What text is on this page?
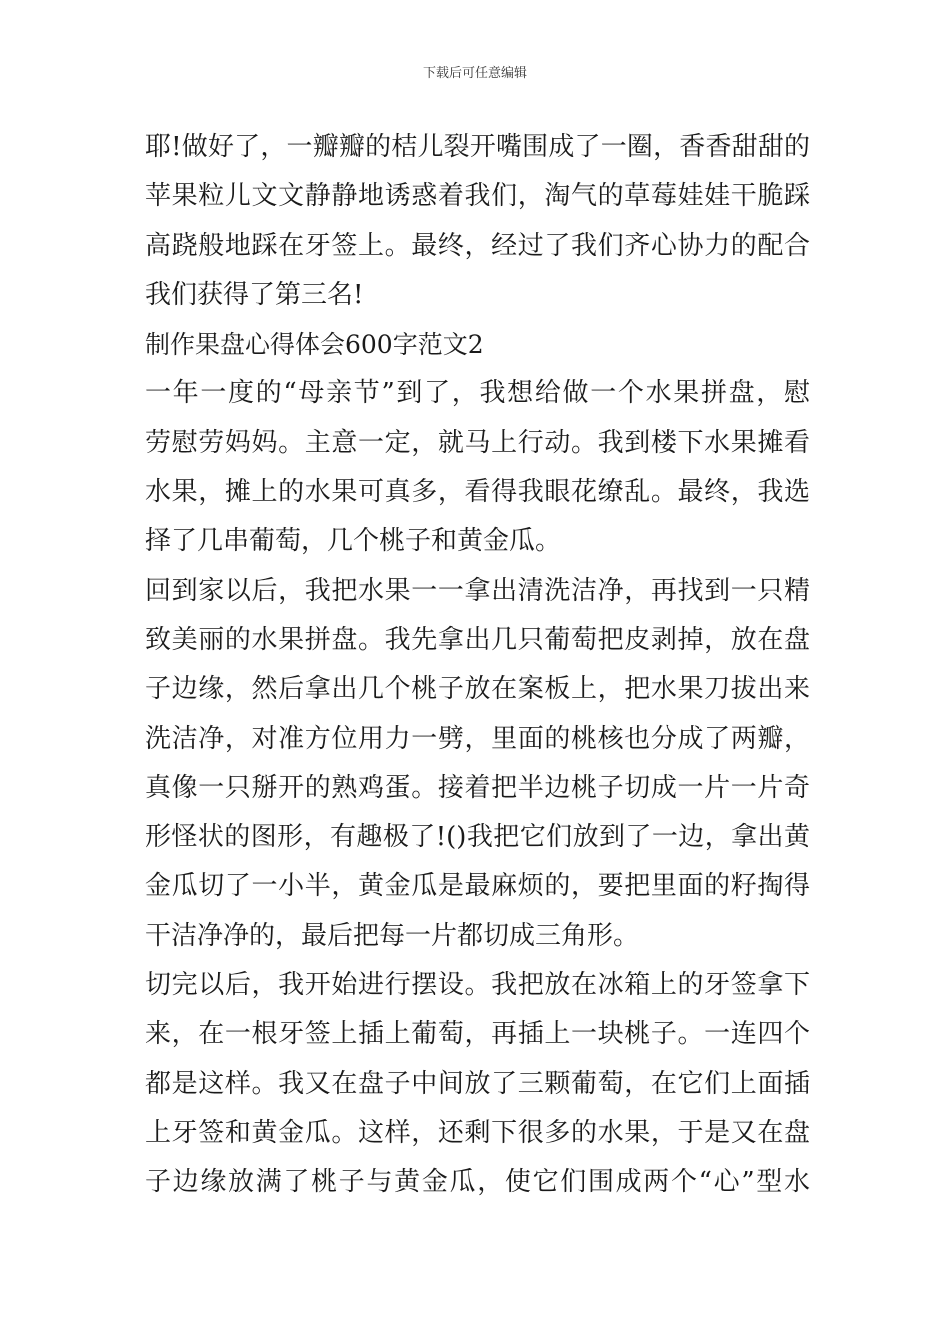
下载后可任意编辑
耶!做好了，一瓣瓣的桔儿裂开嘴围成了一圈，香香甜甜的
苹果粒儿文文静静地诱惑着我们，淘气的草莓娃娃干脆踩
高跷般地踩在牙签上。最终，经过了我们齐心协力的配合
我们获得了第三名!
制作果盘心得体会600字范文2
一年一度的“母亲节”到了，我想给做一个水果拼盘，慰
劳慰劳妈妈。主意一定，就马上行动。我到楼下水果摊看
水果，摊上的水果可真多，看得我眼花缭乱。最终，我选
择了几串葡萄，几个桃子和黄金瓜。
回到家以后，我把水果一一拿出清洗洁净，再找到一只精
致美丽的水果拼盘。我先拿出几只葡萄把皮剥掉，放在盘
子边缘，然后拿出几个桃子放在案板上，把水果刀拔出来
洗洁净，对准方位用力一劈，里面的桃核也分成了两瓣，
真像一只掰开的熟鸡蛋。接着把半边桃子切成一片一片奇
形怪状的图形，有趣极了!()我把它们放到了一边，拿出黄
金瓜切了一小半，黄金瓜是最麻烦的，要把里面的籽掏得
干洁净净的，最后把每一片都切成三角形。
切完以后，我开始进行摆设。我把放在冰箱上的牙签拿下
来，在一根牙签上插上葡萄，再插上一块桃子。一连四个
都是这样。我又在盘子中间放了三颗葡萄，在它们上面插
上牙签和黄金瓜。这样，还剩下很多的水果，于是又在盘
子边缘放满了桃子与黄金瓜，使它们围成两个“心”型水
